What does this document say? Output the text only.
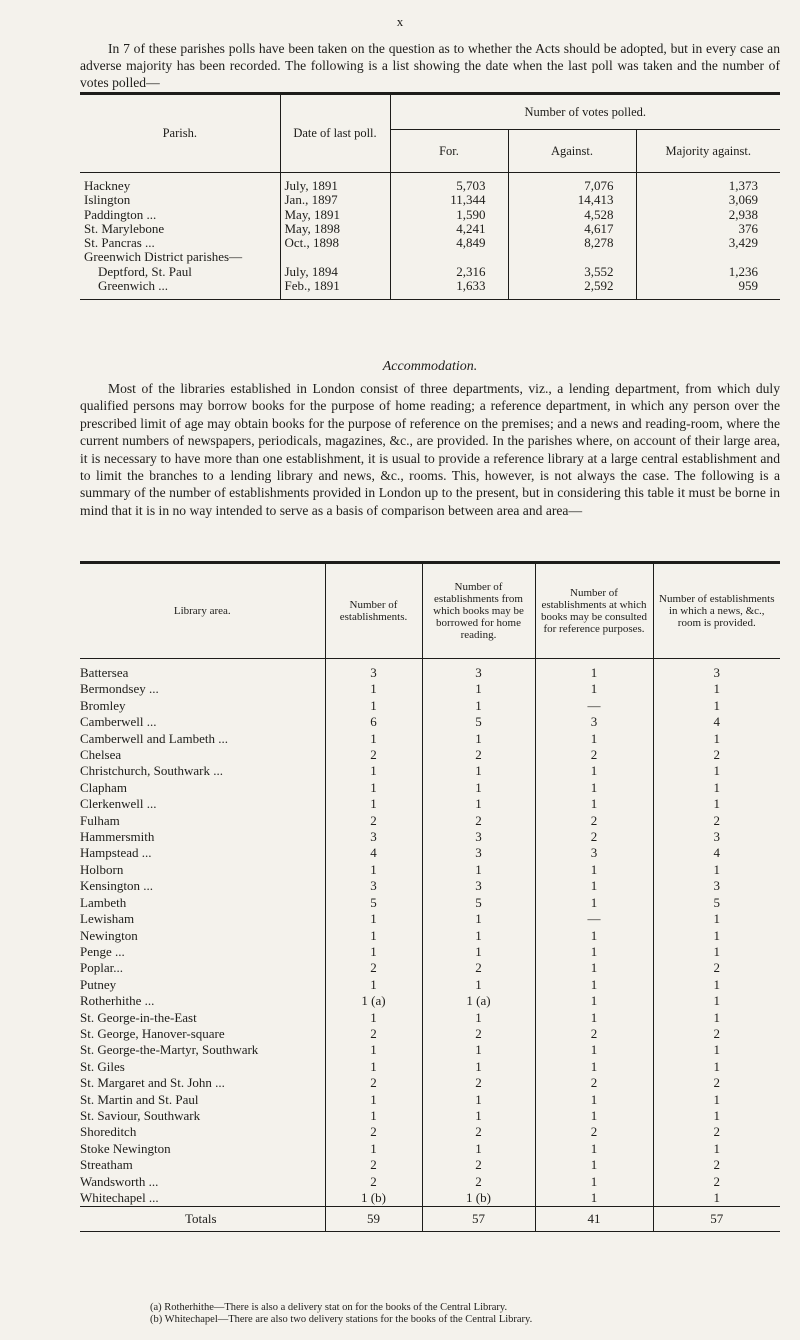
x

In 7 of these parishes polls have been taken on the question as to whether the Acts should be adopted, but in every case an adverse majority has been recorded. The following is a list showing the date when the last poll was taken and the number of votes polled—

Parish.	Date of last poll.	Number of votes polled.		
		For.	Against.	Majority against.
Hackney	July, 1891	5,703	7,076	1,373
Islington	Jan., 1897	11,344	14,413	3,069
Paddington ...	May, 1891	1,590	4,528	2,938
St. Marylebone	May, 1898	4,241	4,617	376
St. Pancras ...	Oct., 1898	4,849	8,278	3,429
Greenwich District parishes—				
Deptford, St. Paul	July, 1894	2,316	3,552	1,236
Greenwich ...	Feb., 1891	1,633	2,592	959
Accommodation.

Most of the libraries established in London consist of three departments, viz., a lending department, from which duly qualified persons may borrow books for the purpose of home reading; a reference department, in which any person over the prescribed limit of age may obtain books for the purpose of reference on the premises; and a news and reading-room, where the current numbers of newspapers, periodicals, magazines, &c., are provided. In the parishes where, on account of their large area, it is necessary to have more than one establishment, it is usual to provide a reference library at a large central establishment and to limit the branches to a lending library and news, &c., rooms. This, however, is not always the case. The following is a summary of the number of establishments provided in London up to the present, but in considering this table it must be borne in mind that it is in no way intended to serve as a basis of comparison between area and area—

Library area.	Number of establishments.	Number of establishments from which books may be borrowed for home reading.	Number of establishments at which books may be consulted for reference purposes.	Number of establishments in which a news, &c., room is provided.
Battersea	3	3	1	3
Bermondsey ...	1	1	1	1
Bromley	1	1	—	1
Camberwell ...	6	5	3	4
Camberwell and Lambeth ...	1	1	1	1
Chelsea	2	2	2	2
Christchurch, Southwark ...	1	1	1	1
Clapham	1	1	1	1
Clerkenwell ...	1	1	1	1
Fulham	2	2	2	2
Hammersmith	3	3	2	3
Hampstead ...	4	3	3	4
Holborn	1	1	1	1
Kensington ...	3	3	1	3
Lambeth	5	5	1	5
Lewisham	1	1	—	1
Newington	1	1	1	1
Penge ...	1	1	1	1
Poplar...	2	2	1	2
Putney	1	1	1	1
Rotherhithe ...	1 (a)	1 (a)	1	1
St. George-in-the-East	1	1	1	1
St. George, Hanover-square	2	2	2	2
St. George-the-Martyr, Southwark	1	1	1	1
St. Giles	1	1	1	1
St. Margaret and St. John ...	2	2	2	2
St. Martin and St. Paul	1	1	1	1
St. Saviour, Southwark	1	1	1	1
Shoreditch	2	2	2	2
Stoke Newington	1	1	1	1
Streatham	2	2	1	2
Wandsworth ...	2	2	1	2
Whitechapel ...	1 (b)	1 (b)	1	1
Totals	59	57	41	57
(a) Rotherhithe—There is also a delivery stat on for the books of the Central Library.
(b) Whitechapel—There are also two delivery stations for the books of the Central Library.
